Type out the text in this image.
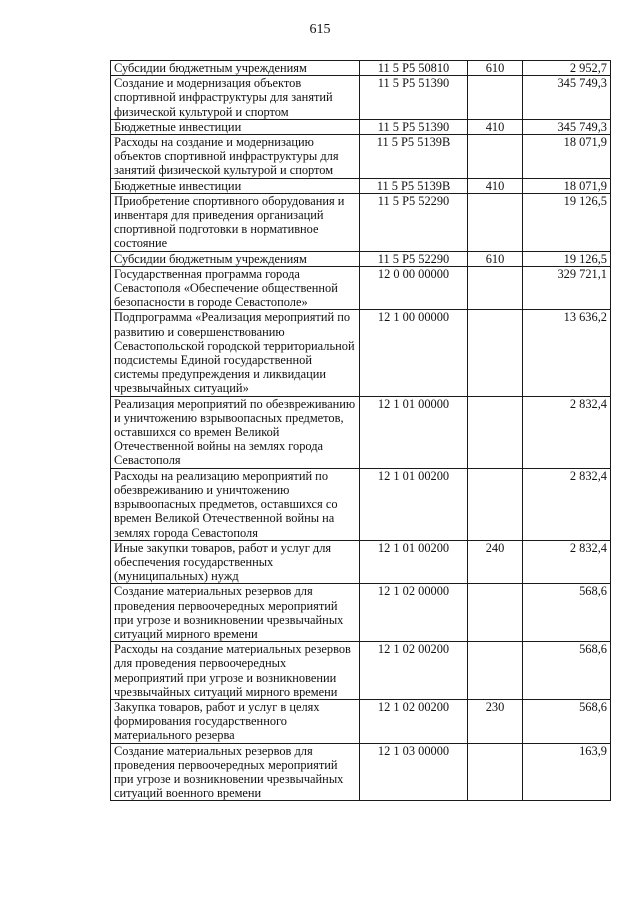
615
Субсидии бюджетным учреждениям	11 5 Р5 50810	610	2 952,7
Создание и модернизация объектов спортивной инфраструктуры для занятий физической культурой и спортом	11 5 Р5 51390		345 749,3
Бюджетные инвестиции	11 5 Р5 51390	410	345 749,3
Расходы на создание и модернизацию объектов спортивной инфраструктуры для занятий физической культурой и спортом	11 5 Р5 5139В		18 071,9
Бюджетные инвестиции	11 5 Р5 5139В	410	18 071,9
Приобретение спортивного оборудования и инвентаря для приведения организаций спортивной подготовки в нормативное состояние	11 5 Р5 52290		19 126,5
Субсидии бюджетным учреждениям	11 5 Р5 52290	610	19 126,5
Государственная программа города Севастополя «Обеспечение общественной безопасности в городе Севастополе»	12 0 00 00000		329 721,1
Подпрограмма «Реализация мероприятий по развитию и совершенствованию Севастопольской городской территориальной подсистемы Единой государственной системы предупреждения и ликвидации чрезвычайных ситуаций»	12 1 00 00000		13 636,2
Реализация мероприятий по обезвреживанию и уничтожению взрывоопасных предметов, оставшихся со времен Великой Отечественной войны на землях города Севастополя	12 1 01 00000		2 832,4
Расходы на реализацию мероприятий по обезвреживанию и уничтожению взрывоопасных предметов, оставшихся со времен Великой Отечественной войны на землях города Севастополя	12 1 01 00200		2 832,4
Иные закупки товаров, работ и услуг для обеспечения государственных (муниципальных) нужд	12 1 01 00200	240	2 832,4
Создание материальных резервов для проведения первоочередных мероприятий при угрозе и возникновении чрезвычайных ситуаций мирного времени	12 1 02 00000		568,6
Расходы на создание материальных резервов для проведения первоочередных мероприятий при угрозе и возникновении чрезвычайных ситуаций мирного времени	12 1 02 00200		568,6
Закупка товаров, работ и услуг в целях формирования государственного материального резерва	12 1 02 00200	230	568,6
Создание материальных резервов для проведения первоочередных мероприятий при угрозе и возникновении чрезвычайных ситуаций военного времени	12 1 03 00000		163,9
